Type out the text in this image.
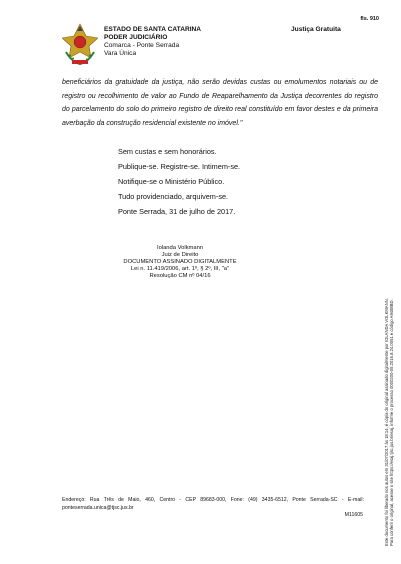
fls. 910
ESTADO DE SANTA CATARINA
PODER JUDICIÁRIO
Comarca - Ponte Serrada
Vara Única
Justiça Gratuita
beneficiários da gratuidade da justiça, não serão devidas custas ou emolumentos notariais ou de registro ou recolhimento de valor ao Fundo de Reaparelhamento da Justiça decorrentes do registro do parcelamento do solo do primeiro registro de direito real constituído em favor destes e da primeira averbação da construção residencial existente no imóvel."
Sem custas e sem honorários.
Publique-se. Registre-se. Intimem-se.
Notifique-se o Ministério Público.
Tudo providenciado, arquivem-se.
Ponte Serrada, 31 de julho de 2017.
Iolanda Volkmann
Juiz de Direito
DOCUMENTO ASSINADO DIGITALMENTE
Lei n. 11.419/2006, art. 1º, § 2º, III, "a"
Resolução CM nº 04/16
Este documento foi liberado nos autos em 31/07/2017 às 18:14, é cópia do original assinado digitalmente por IOLANDA VOLKMANN. Para conferir o original, acesse o site https://esaj.tjsc.jus.br/esaj, informe o processo 0000200-05.2016.8.24.0051 e código A9488BD.
Endereço: Rua Três de Maio, 460, Centro - CEP 89683-000, Fone: (49) 3435-6512, Ponte Serrada-SC - E-mail: ponteserrada.unica@tjsc.jus.br
M11605
